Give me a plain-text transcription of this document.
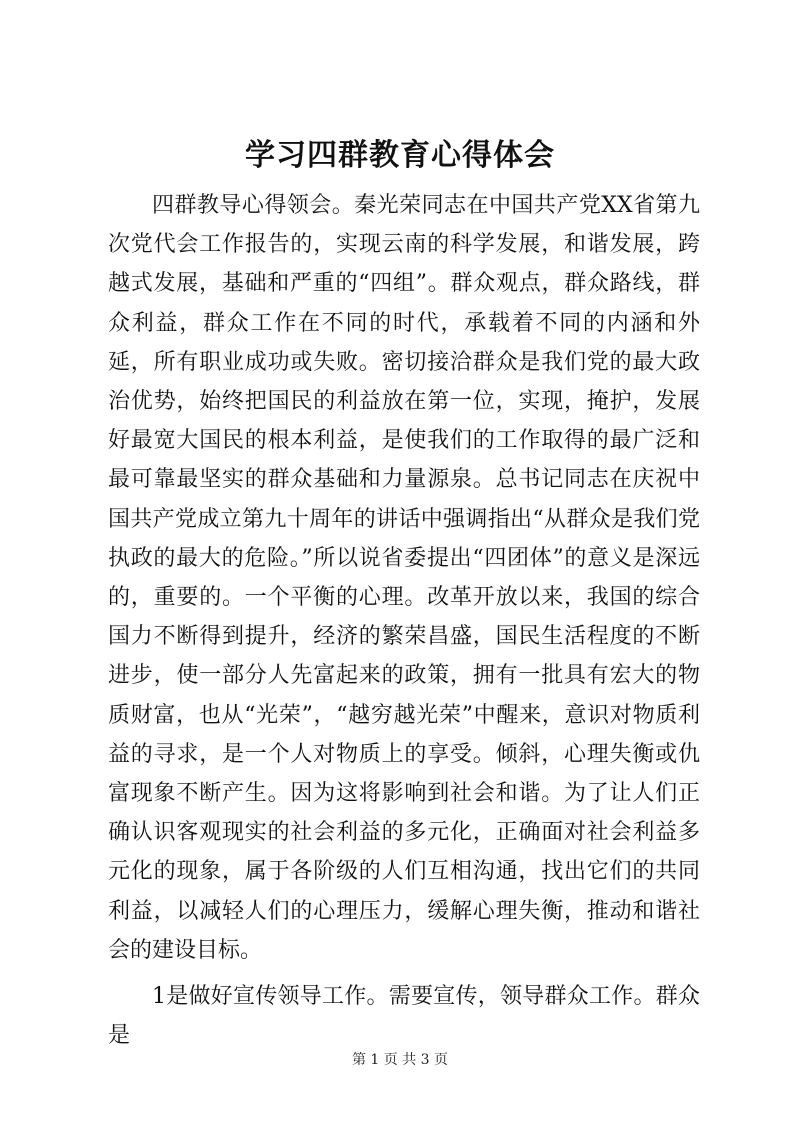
学习四群教育心得体会

四群教导心得领会。秦光荣同志在中国共产党XX省第九次党代会工作报告的，实现云南的科学发展，和谐发展，跨越式发展，基础和严重的“四组”。群众观点，群众路线，群众利益，群众工作在不同的时代，承载着不同的内涵和外延，所有职业成功或失败。密切接洽群众是我们党的最大政治优势，始终把国民的利益放在第一位，实现，掩护，发展好最宽大国民的根本利益，是使我们的工作取得的最广泛和最可靠最坚实的群众基础和力量源泉。总书记同志在庆祝中国共产党成立第九十周年的讲话中强调指出“从群众是我们党执政的最大的危险。”所以说省委提出“四团体”的意义是深远的，重要的。一个平衡的心理。改革开放以来，我国的综合国力不断得到提升，经济的繁荣昌盛，国民生活程度的不断进步，使一部分人先富起来的政策，拥有一批具有宏大的物质财富，也从“光荣”，“越穷越光荣”中醒来，意识对物质利益的寻求，是一个人对物质上的享受。倾斜，心理失衡或仇富现象不断产生。因为这将影响到社会和谐。为了让人们正确认识客观现实的社会利益的多元化，正确面对社会利益多元化的现象，属于各阶级的人们互相沟通，找出它们的共同利益，以减轻人们的心理压力，缓解心理失衡，推动和谐社会的建设目标。

1是做好宣传领导工作。需要宣传，领导群众工作。群众是

第 1 页 共 3 页
